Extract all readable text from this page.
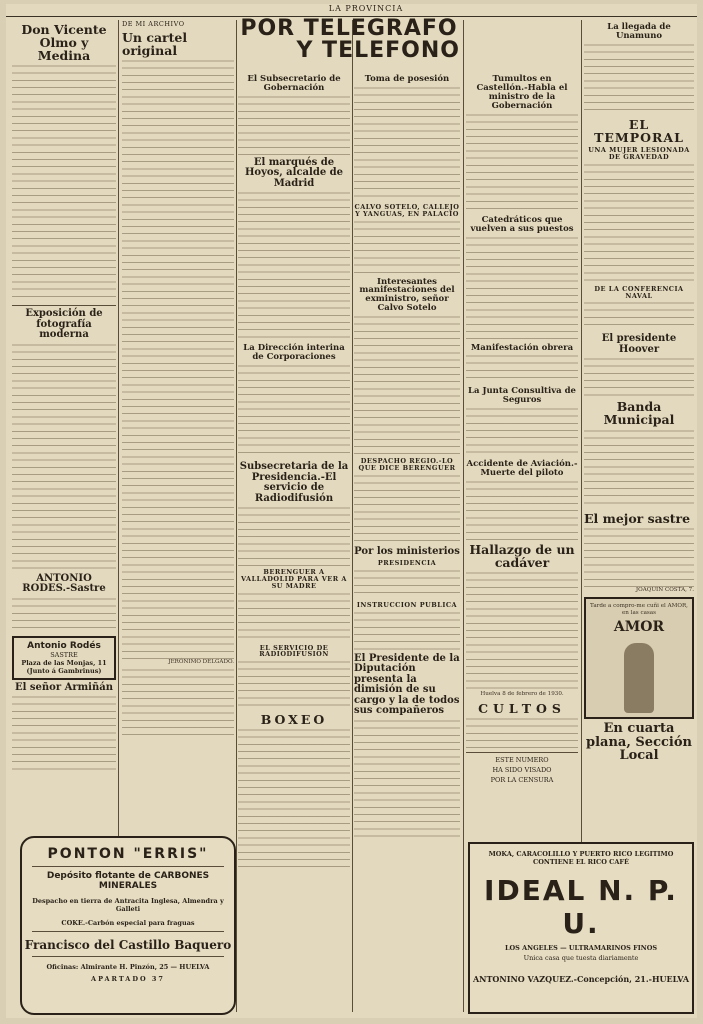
LA PROVINCIA
POR TELEGRAFO
Y TELEFONO
Don Vicente Olmo y Medina
Exposición de fotografía moderna
ANTONIO RODES.-Sastre
Antonio Rodés
SASTRE
Plaza de las Monjas, 11 (Junto á Gambrinus)
El señor Armiñán
DE MI ARCHIVO
Un cartel original
JERÓNIMO DELGADO.
El Subsecretario de Gobernación
El marqués de Hoyos, alcalde de Madrid
La Dirección interina de Corporaciones
Subsecretaria de la Presidencia.-El servicio de Radiodifusión
BERENGUER A VALLADOLID PARA VER A SU MADRE
EL SERVICIO DE RADIODIFUSION
BOXEO
Toma de posesión
CALVO SOTELO, CALLEJO Y YANGUAS, EN PALACIO
Interesantes manifestaciones del exministro, señor Calvo Sotelo
DESPACHO REGIO.-LO QUE DICE BERENGUER
Por los ministerios
PRESIDENCIA
INSTRUCCION PUBLICA
El Presidente de la Diputación presenta la dimisión de su cargo y la de todos sus compañeros
Tumultos en Castellón.-Habla el ministro de la Gobernación
Catedráticos que vuelven a sus puestos
Manifestación obrera
La Junta Consultiva de Seguros
Accidente de Aviación.-Muerte del piloto
Hallazgo de un cadáver
Huelva 8 de febrero de 1930.
CULTOS
ESTE NUMERO
HA SIDO VISADO
POR LA CENSURA
La llegada de Unamuno
EL TEMPORAL
UNA MUJER LESIONADA DE GRAVEDAD
DE LA CONFERENCIA NAVAL
El presidente Hoover
Banda Municipal
El mejor sastre
JOAQUIN COSTA, 7.
Tarde a compro-me cuñi el AMOR, en las casas
AMOR
En cuarta plana, Sección Local
PONTON "ERRIS"
Depósito flotante de CARBONES MINERALES
Despacho en tierra de Antracita Inglesa, Almendra y Galleti
COKE.-Carbón especial para fraguas
Francisco del Castillo Baquero
Oficinas: Almirante H. Pinzón, 25 — HUELVA
APARTADO 37
MOKA, CARACOLILLO Y PUERTO RICO LEGITIMO
CONTIENE EL RICO CAFÉ
IDEAL N. P. U.
LOS ANGELES — ULTRAMARINOS FINOS
Unica casa que tuesta diariamente
ANTONINO VAZQUEZ.-Concepción, 21.-HUELVA
